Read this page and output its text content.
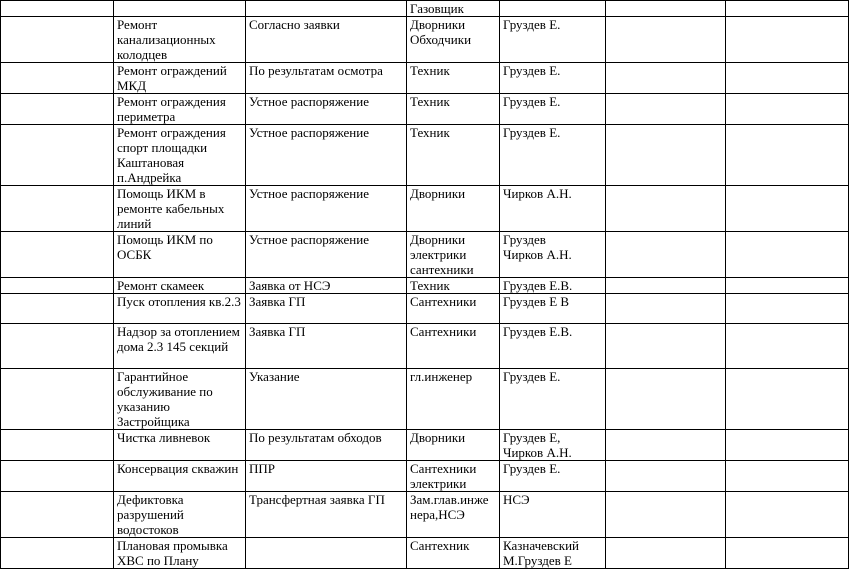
			Газовщик			

	Ремонт канализационных колодцев	Согласно заявки	Дворники
Обходчики	Груздев Е.		

	Ремонт ограждений МКД	По результатам осмотра	Техник	Груздев Е.		

	Ремонт ограждения периметра	Устное распоряжение	Техник	Груздев Е.		

	Ремонт ограждения спорт площадки Каштановая п.Андрейка	Устное распоряжение	Техник	Груздев Е.		

	Помощь ИКМ в ремонте кабельных линий	Устное распоряжение	Дворники	Чирков А.Н.		

	Помощь ИКМ по ОСБК	Устное распоряжение	Дворники
электрики
сантехники	Груздев
Чирков А.Н.		

	Ремонт скамеек	Заявка от НСЭ	Техник	Груздев Е.В.		

	Пуск отопления кв.2.3	Заявка ГП	Сантехники	Груздев Е В		

	Надзор за отоплением дома 2.3 145 секций	Заявка ГП	Сантехники	Груздев Е.В.		

	Гарантийное обслуживание по указанию Застройщика	Указание	гл.инженер	Груздев Е.		

	Чистка ливневок	По результатам обходов	Дворники	Груздев Е,
Чирков А.Н.		

	Консервация скважин	ППР	Сантехники
электрики	Груздев Е.		

	Дефиктовка разрушений водостоков	Трансфертная заявка ГП	Зам.глав.инже
нера,НСЭ	НСЭ		

	Плановая промывка ХВС по Плану		Сантехник	Казначевский
М.Груздев Е		
